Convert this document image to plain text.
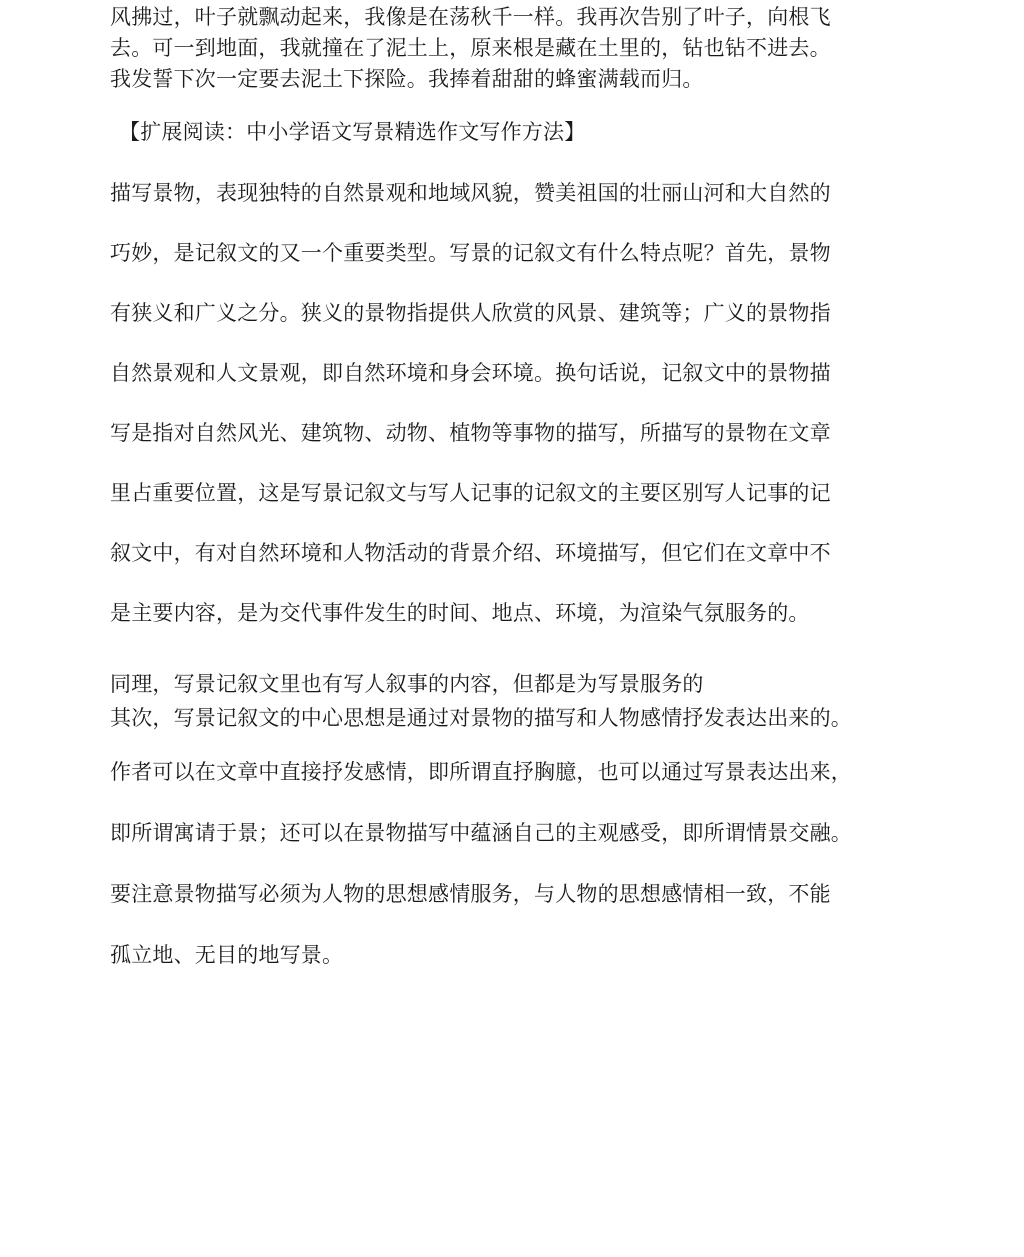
风拂过，叶子就飘动起来，我像是在荡秋千一样。我再次告别了叶子，向根飞
去。可一到地面，我就撞在了泥土上，原来根是藏在土里的，钻也钻不进去。
我发誓下次一定要去泥土下探险。我捧着甜甜的蜂蜜满载而归。
【扩展阅读：中小学语文写景精选作文写作方法】
描写景物，表现独特的自然景观和地域风貌，赞美祖国的壮丽山河和大自然的
巧妙，是记叙文的又一个重要类型。写景的记叙文有什么特点呢？首先，景物
有狭义和广义之分。狭义的景物指提供人欣赏的风景、建筑等；广义的景物指
自然景观和人文景观，即自然环境和身会环境。换句话说，记叙文中的景物描
写是指对自然风光、建筑物、动物、植物等事物的描写，所描写的景物在文章
里占重要位置，这是写景记叙文与写人记事的记叙文的主要区别写人记事的记
叙文中，有对自然环境和人物活动的背景介绍、环境描写，但它们在文章中不
是主要内容，是为交代事件发生的时间、地点、环境，为渲染气氛服务的。
同理，写景记叙文里也有写人叙事的内容，但都是为写景服务的
其次，写景记叙文的中心思想是通过对景物的描写和人物感情抒发表达出来的。
作者可以在文章中直接抒发感情，即所谓直抒胸臆，也可以通过写景表达出来，
即所谓寓请于景；还可以在景物描写中蕴涵自己的主观感受，即所谓情景交融。
要注意景物描写必须为人物的思想感情服务，与人物的思想感情相一致，不能
孤立地、无目的地写景。
